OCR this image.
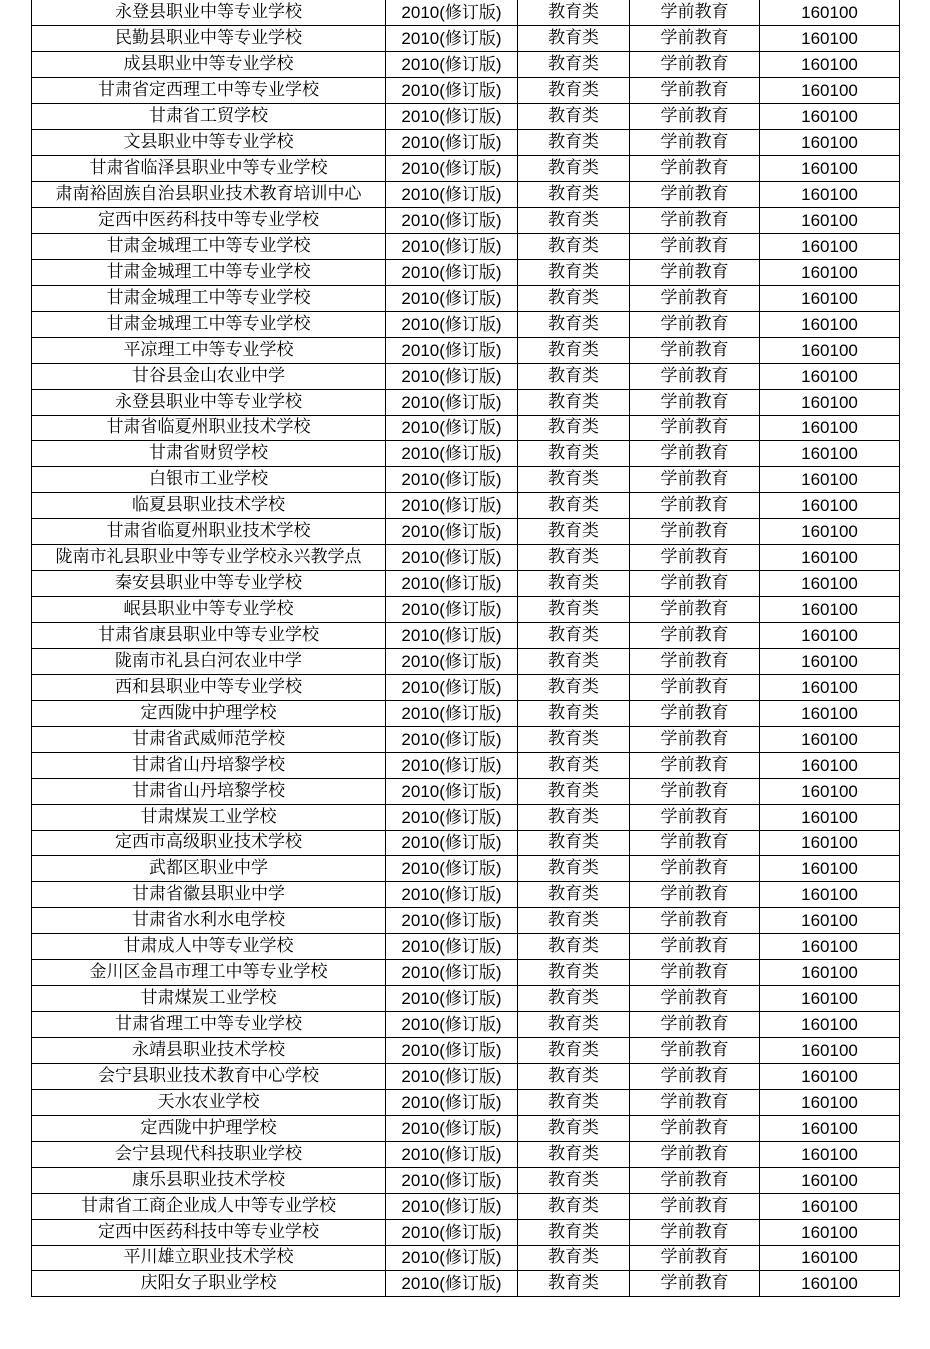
永登县职业中等专业学校	2010(修订版)	教育类	学前教育	160100
民勤县职业中等专业学校	2010(修订版)	教育类	学前教育	160100
成县职业中等专业学校	2010(修订版)	教育类	学前教育	160100
甘肃省定西理工中等专业学校	2010(修订版)	教育类	学前教育	160100
甘肃省工贸学校	2010(修订版)	教育类	学前教育	160100
文县职业中等专业学校	2010(修订版)	教育类	学前教育	160100
甘肃省临泽县职业中等专业学校	2010(修订版)	教育类	学前教育	160100
肃南裕固族自治县职业技术教育培训中心	2010(修订版)	教育类	学前教育	160100
定西中医药科技中等专业学校	2010(修订版)	教育类	学前教育	160100
甘肃金城理工中等专业学校	2010(修订版)	教育类	学前教育	160100
甘肃金城理工中等专业学校	2010(修订版)	教育类	学前教育	160100
甘肃金城理工中等专业学校	2010(修订版)	教育类	学前教育	160100
甘肃金城理工中等专业学校	2010(修订版)	教育类	学前教育	160100
平凉理工中等专业学校	2010(修订版)	教育类	学前教育	160100
甘谷县金山农业中学	2010(修订版)	教育类	学前教育	160100
永登县职业中等专业学校	2010(修订版)	教育类	学前教育	160100
甘肃省临夏州职业技术学校	2010(修订版)	教育类	学前教育	160100
甘肃省财贸学校	2010(修订版)	教育类	学前教育	160100
白银市工业学校	2010(修订版)	教育类	学前教育	160100
临夏县职业技术学校	2010(修订版)	教育类	学前教育	160100
甘肃省临夏州职业技术学校	2010(修订版)	教育类	学前教育	160100
陇南市礼县职业中等专业学校永兴教学点	2010(修订版)	教育类	学前教育	160100
秦安县职业中等专业学校	2010(修订版)	教育类	学前教育	160100
岷县职业中等专业学校	2010(修订版)	教育类	学前教育	160100
甘肃省康县职业中等专业学校	2010(修订版)	教育类	学前教育	160100
陇南市礼县白河农业中学	2010(修订版)	教育类	学前教育	160100
西和县职业中等专业学校	2010(修订版)	教育类	学前教育	160100
定西陇中护理学校	2010(修订版)	教育类	学前教育	160100
甘肃省武威师范学校	2010(修订版)	教育类	学前教育	160100
甘肃省山丹培黎学校	2010(修订版)	教育类	学前教育	160100
甘肃省山丹培黎学校	2010(修订版)	教育类	学前教育	160100
甘肃煤炭工业学校	2010(修订版)	教育类	学前教育	160100
定西市高级职业技术学校	2010(修订版)	教育类	学前教育	160100
武都区职业中学	2010(修订版)	教育类	学前教育	160100
甘肃省徽县职业中学	2010(修订版)	教育类	学前教育	160100
甘肃省水利水电学校	2010(修订版)	教育类	学前教育	160100
甘肃成人中等专业学校	2010(修订版)	教育类	学前教育	160100
金川区金昌市理工中等专业学校	2010(修订版)	教育类	学前教育	160100
甘肃煤炭工业学校	2010(修订版)	教育类	学前教育	160100
甘肃省理工中等专业学校	2010(修订版)	教育类	学前教育	160100
永靖县职业技术学校	2010(修订版)	教育类	学前教育	160100
会宁县职业技术教育中心学校	2010(修订版)	教育类	学前教育	160100
天水农业学校	2010(修订版)	教育类	学前教育	160100
定西陇中护理学校	2010(修订版)	教育类	学前教育	160100
会宁县现代科技职业学校	2010(修订版)	教育类	学前教育	160100
康乐县职业技术学校	2010(修订版)	教育类	学前教育	160100
甘肃省工商企业成人中等专业学校	2010(修订版)	教育类	学前教育	160100
定西中医药科技中等专业学校	2010(修订版)	教育类	学前教育	160100
平川雄立职业技术学校	2010(修订版)	教育类	学前教育	160100
庆阳女子职业学校	2010(修订版)	教育类	学前教育	160100
